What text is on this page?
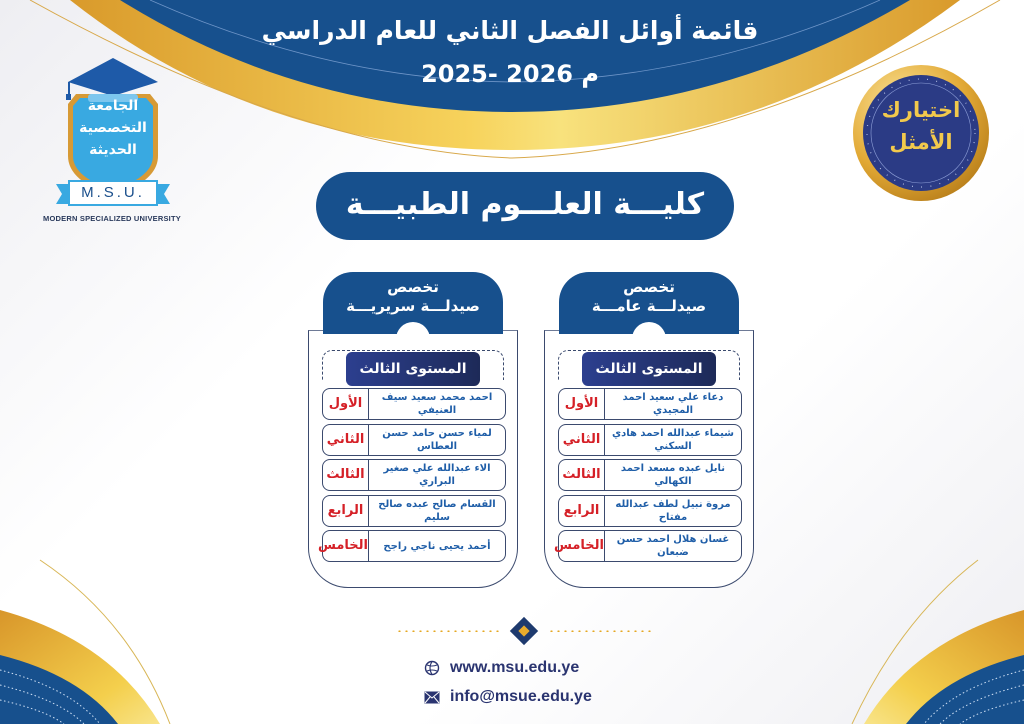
قائمة أوائل الفصل الثاني للعام الدراسي
2025- 2026 م
الجامعة
التخصصية
الحديثة
M.S.U.
MODERN SPECIALIZED UNIVERSITY
اختيارك
الأمثل
كليـــة العلـــوم الطبيـــة
تخصص
صيدلـــة سريريـــة
المستوى الثالث
الأول	احمد محمد سعيد سيف العنيفي
الثاني	لمياء حسن حامد حسن العطاس
الثالث	الاء عبدالله علي صغير البراري
الرابع	القسام صالح عبده صالح سليم
الخامس	أحمد يحيى ناجي راجح
تخصص
صيدلـــة عامـــة
المستوى الثالث
الأول	دعاء علي سعيد احمد المجيدي
الثاني	شيماء عبدالله احمد هادي السكني
الثالث	نايل عبده مسعد احمد الكهالي
الرابع	مروة نبيل لطف عبدالله مفتاح
الخامس	غسان هلال احمد حسن ضبعان
www.msu.edu.ye
info@msue.edu.ye
